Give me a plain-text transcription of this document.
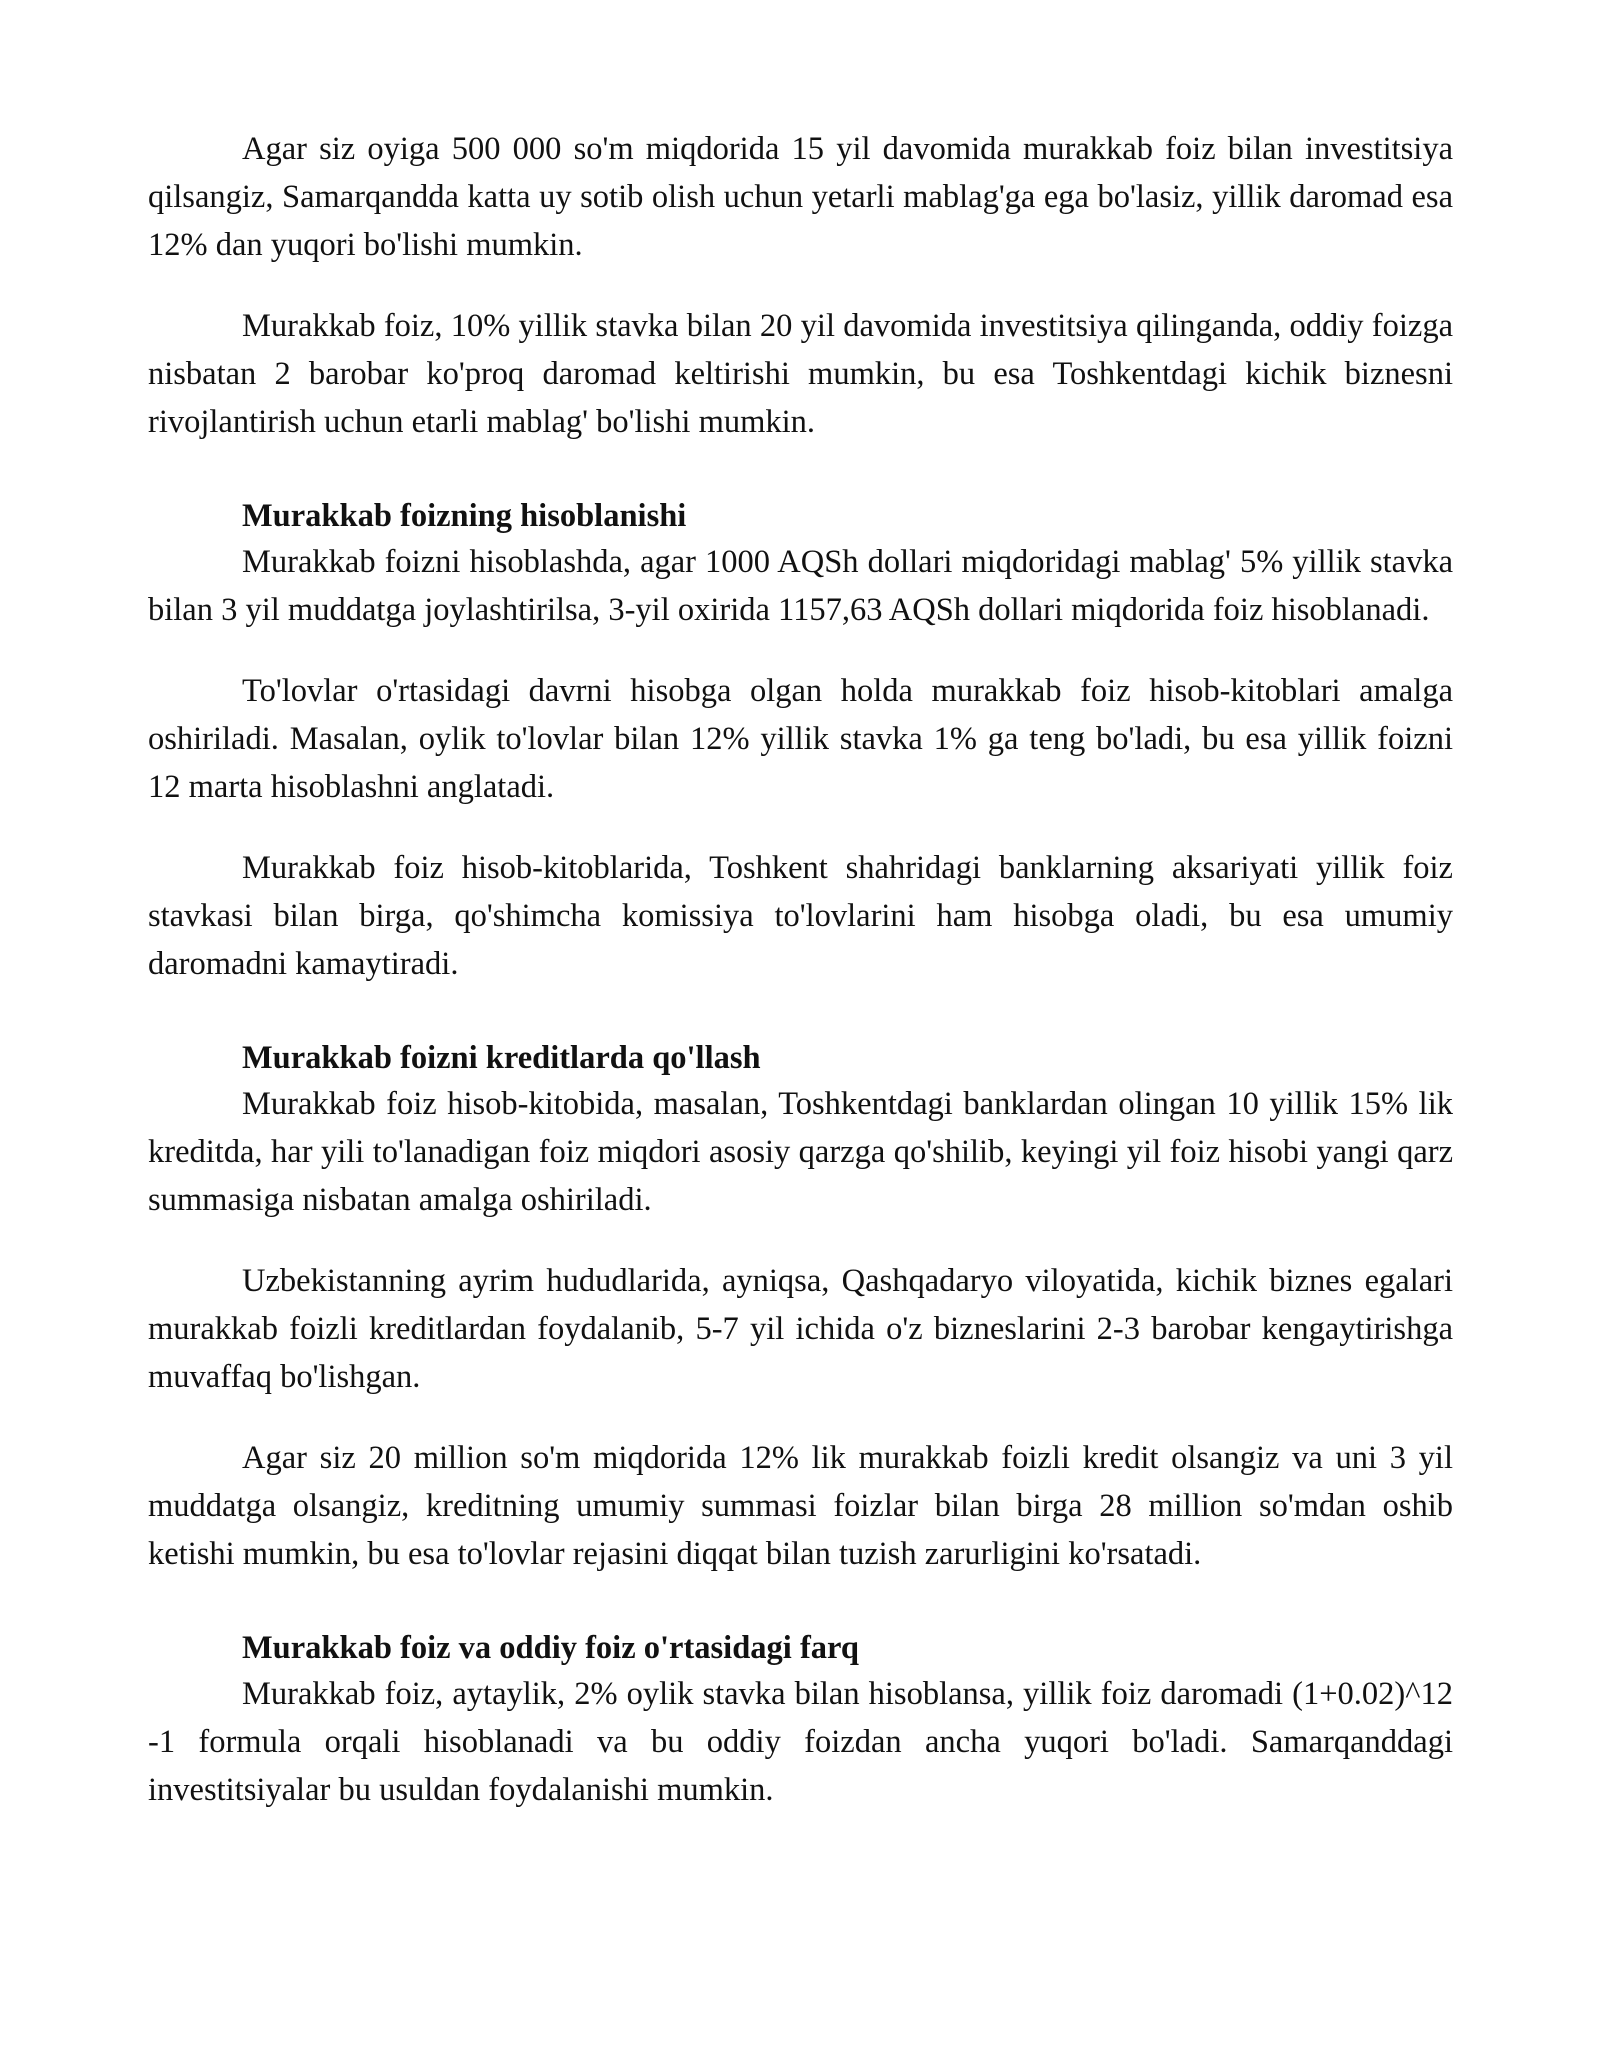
Agar siz oyiga 500 000 so'm miqdorida 15 yil davomida murakkab foiz bilan investitsiya qilsangiz, Samarqandda katta uy sotib olish uchun yetarli mablag'ga ega bo'lasiz, yillik daromad esa 12% dan yuqori bo'lishi mumkin.

Murakkab foiz, 10% yillik stavka bilan 20 yil davomida investitsiya qilinganda, oddiy foizga nisbatan 2 barobar ko'proq daromad keltirishi mumkin, bu esa Toshkentdagi kichik biznesni rivojlantirish uchun etarli mablag' bo'lishi mumkin.

Murakkab foizning hisoblanishi

Murakkab foizni hisoblashda, agar 1000 AQSh dollari miqdoridagi mablag' 5% yillik stavka bilan 3 yil muddatga joylashtirilsa, 3-yil oxirida 1157,63 AQSh dollari miqdorida foiz hisoblanadi.

To'lovlar o'rtasidagi davrni hisobga olgan holda murakkab foiz hisob-kitoblari amalga oshiriladi. Masalan, oylik to'lovlar bilan 12% yillik stavka 1% ga teng bo'ladi, bu esa yillik foizni 12 marta hisoblashni anglatadi.

Murakkab foiz hisob-kitoblarida, Toshkent shahridagi banklarning aksariyati yillik foiz stavkasi bilan birga, qo'shimcha komissiya to'lovlarini ham hisobga oladi, bu esa umumiy daromadni kamaytiradi.

Murakkab foizni kreditlarda qo'llash

Murakkab foiz hisob-kitobida, masalan, Toshkentdagi banklardan olingan 10 yillik 15% lik kreditda, har yili to'lanadigan foiz miqdori asosiy qarzga qo'shilib, keyingi yil foiz hisobi yangi qarz summasiga nisbatan amalga oshiriladi.

Uzbekistanning ayrim hududlarida, ayniqsa, Qashqadaryo viloyatida, kichik biznes egalari murakkab foizli kreditlardan foydalanib, 5-7 yil ichida o'z bizneslarini 2-3 barobar kengaytirishga muvaffaq bo'lishgan.

Agar siz 20 million so'm miqdorida 12% lik murakkab foizli kredit olsangiz va uni 3 yil muddatga olsangiz, kreditning umumiy summasi foizlar bilan birga 28 million so'mdan oshib ketishi mumkin, bu esa to'lovlar rejasini diqqat bilan tuzish zarurligini ko'rsatadi.

Murakkab foiz va oddiy foiz o'rtasidagi farq

Murakkab foiz, aytaylik, 2% oylik stavka bilan hisoblansa, yillik foiz daromadi (1+0.02)^12 -1 formula orqali hisoblanadi va bu oddiy foizdan ancha yuqori bo'ladi. Samarqanddagi investitsiyalar bu usuldan foydalanishi mumkin.
